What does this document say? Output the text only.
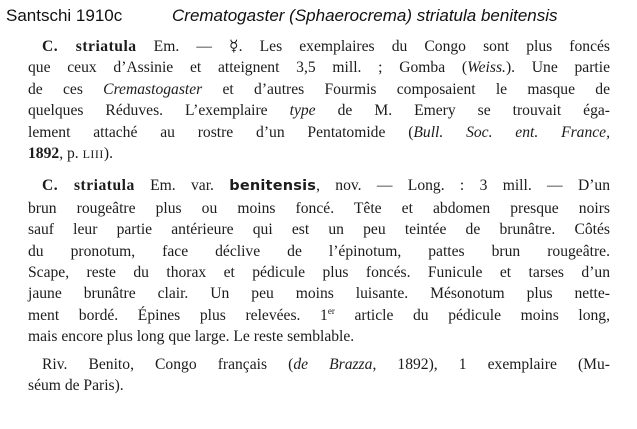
Santschi 1910c	Crematogaster (Sphaerocrema) striatula benitensis
C. striatula Em. — ☿. Les exemplaires du Congo sont plus foncés
que ceux d’Assinie et atteignent 3,5 mill. ; Gomba (Weiss.). Une partie
de ces Cremastogaster et d’autres Fourmis composaient le masque de
quelques Réduves. L’exemplaire type de M. Emery se trouvait éga-
lement attaché au rostre d’un Pentatomide (Bull. Soc. ent. France,
1892, p. LIII).
C. striatula Em. var. benitensis, nov. — Long. : 3 mill. — D’un
brun rougeâtre plus ou moins foncé. Tête et abdomen presque noirs
sauf leur partie antérieure qui est un peu teintée de brunâtre. Côtés
du pronotum, face déclive de l’épinotum, pattes brun rougeâtre.
Scape, reste du thorax et pédicule plus foncés. Funicule et tarses d’un
jaune brunâtre clair. Un peu moins luisante. Mésonotum plus nette-
ment bordé. Épines plus relevées. 1er article du pédicule moins long,
mais encore plus long que large. Le reste semblable.
Riv. Benito, Congo français (de Brazza, 1892), 1 exemplaire (Mu-
séum de Paris).
